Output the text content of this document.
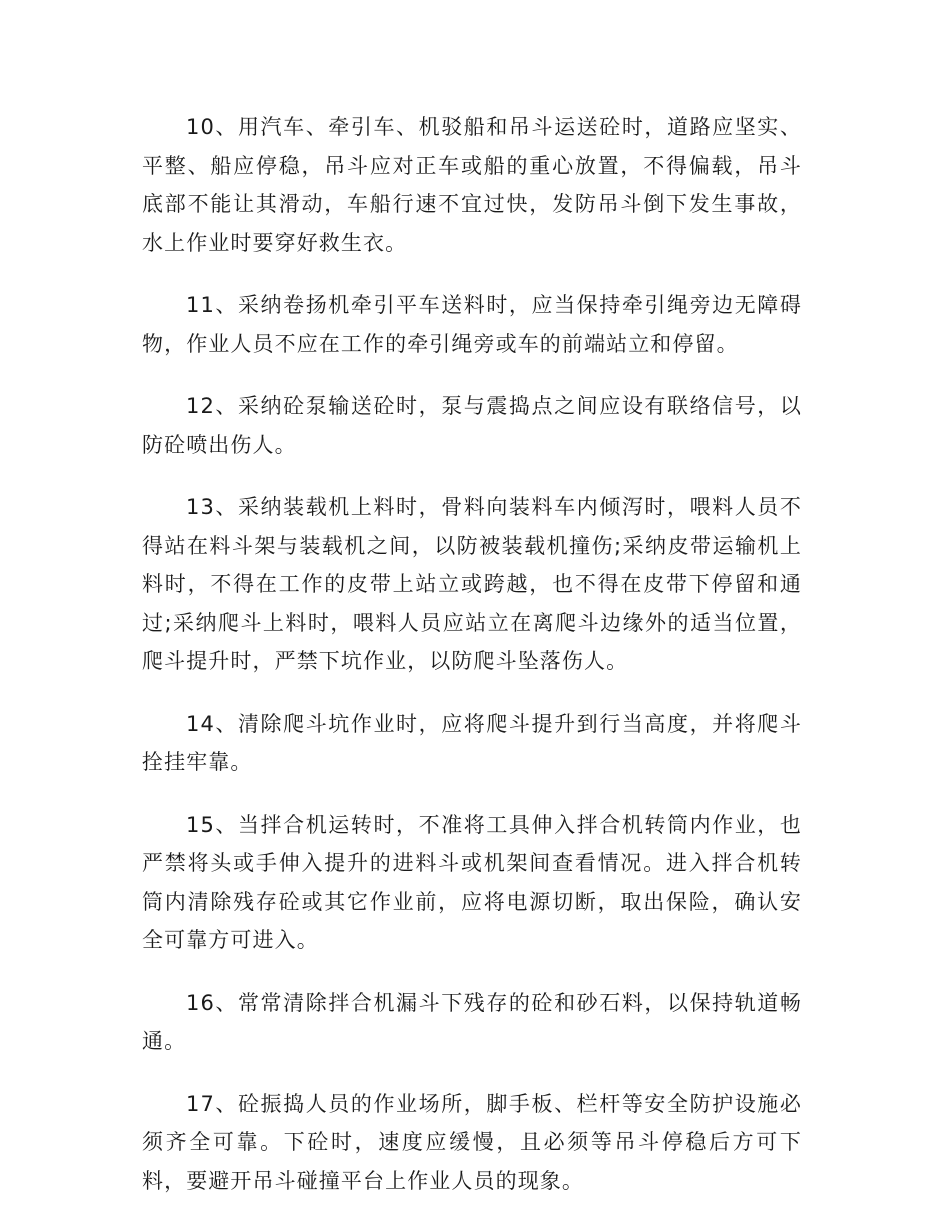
10、用汽车、牵引车、机驳船和吊斗运送砼时，道路应坚实、平整、船应停稳，吊斗应对正车或船的重心放置，不得偏载，吊斗底部不能让其滑动，车船行速不宜过快，发防吊斗倒下发生事故，水上作业时要穿好救生衣。

11、采纳卷扬机牵引平车送料时，应当保持牵引绳旁边无障碍物，作业人员不应在工作的牵引绳旁或车的前端站立和停留。

12、采纳砼泵输送砼时，泵与震捣点之间应设有联络信号，以防砼喷出伤人。

13、采纳装载机上料时，骨料向装料车内倾泻时，喂料人员不得站在料斗架与装载机之间，以防被装载机撞伤;采纳皮带运输机上料时，不得在工作的皮带上站立或跨越，也不得在皮带下停留和通过;采纳爬斗上料时，喂料人员应站立在离爬斗边缘外的适当位置，爬斗提升时，严禁下坑作业，以防爬斗坠落伤人。

14、清除爬斗坑作业时，应将爬斗提升到行当高度，并将爬斗拴挂牢靠。

15、当拌合机运转时，不准将工具伸入拌合机转筒内作业，也严禁将头或手伸入提升的进料斗或机架间查看情况。进入拌合机转筒内清除残存砼或其它作业前，应将电源切断，取出保险，确认安全可靠方可进入。

16、常常清除拌合机漏斗下残存的砼和砂石料，以保持轨道畅通。

17、砼振捣人员的作业场所，脚手板、栏杆等安全防护设施必须齐全可靠。下砼时，速度应缓慢，且必须等吊斗停稳后方可下料，要避开吊斗碰撞平台上作业人员的现象。
